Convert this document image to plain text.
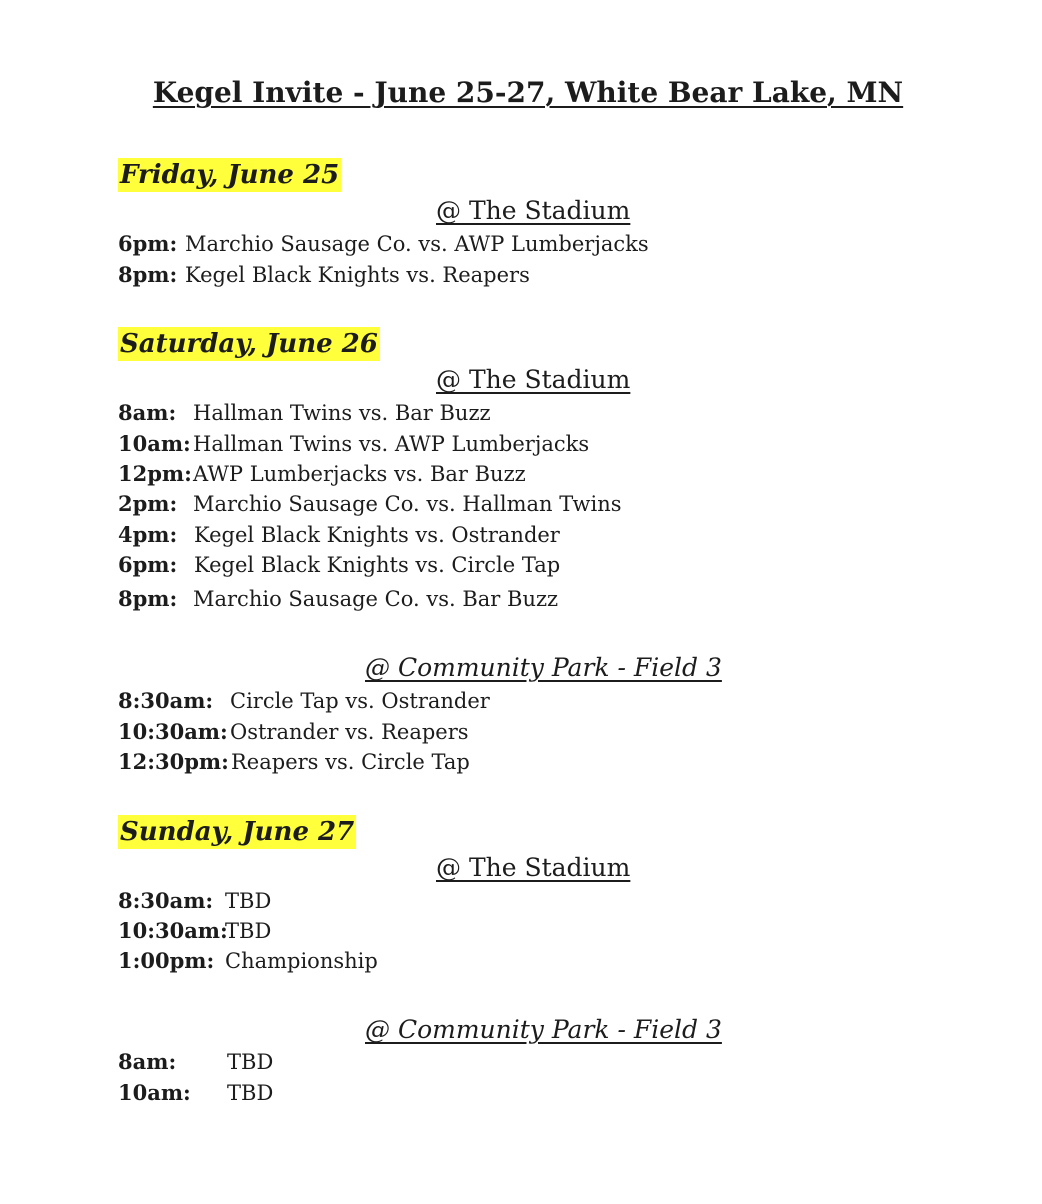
Kegel Invite - June 25-27, White Bear Lake, MN
Friday, June 25
@ The Stadium
6pm: Marchio Sausage Co. vs. AWP Lumberjacks
8pm: Kegel Black Knights vs. Reapers
Saturday, June 26
@ The Stadium
8am: Hallman Twins vs. Bar Buzz
10am: Hallman Twins vs. AWP Lumberjacks
12pm: AWP Lumberjacks vs. Bar Buzz
2pm: Marchio Sausage Co. vs. Hallman Twins
4pm: Kegel Black Knights vs. Ostrander
6pm: Kegel Black Knights vs. Circle Tap
8pm: Marchio Sausage Co. vs. Bar Buzz
@ Community Park - Field 3
8:30am: Circle Tap vs. Ostrander
10:30am: Ostrander vs. Reapers
12:30pm: Reapers vs. Circle Tap
Sunday, June 27
@ The Stadium
8:30am: TBD
10:30am:
TBD
1:00pm: Championship
@ Community Park - Field 3
8am: TBD
10am: TBD
